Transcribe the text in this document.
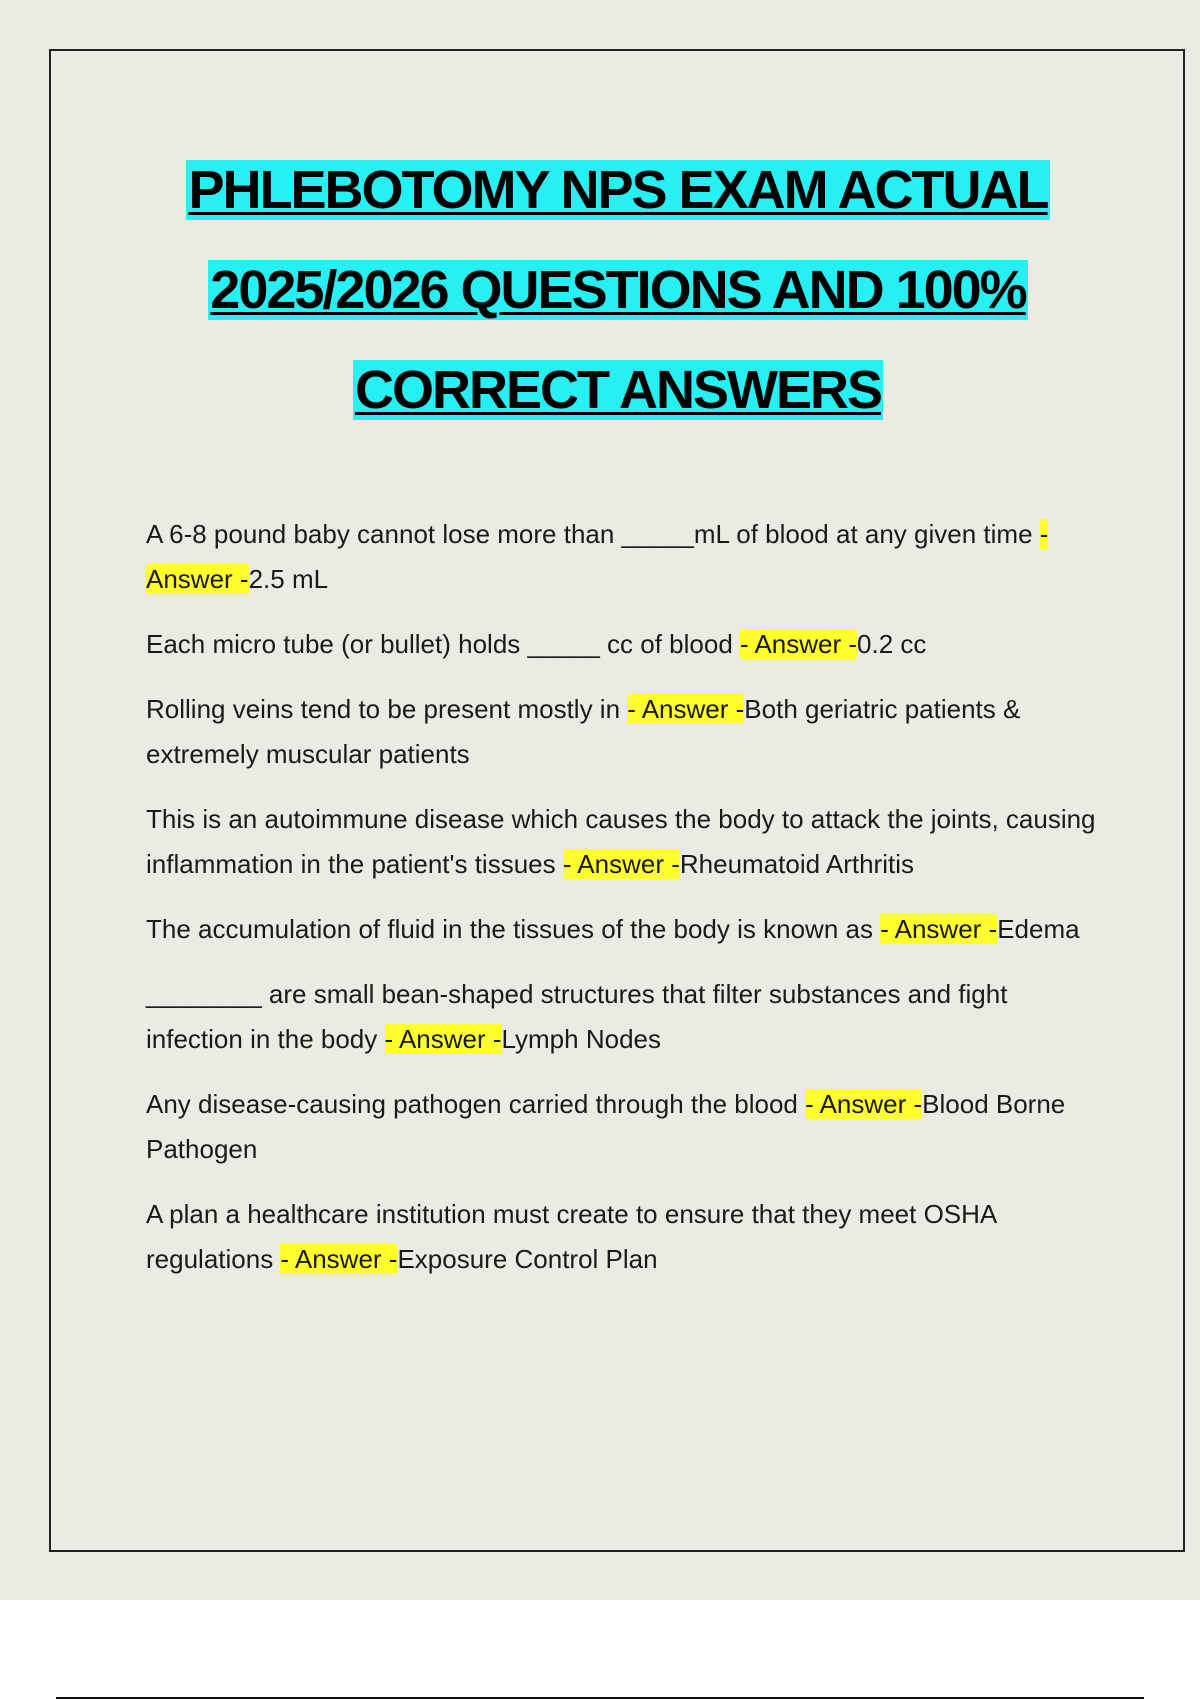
PHLEBOTOMY NPS EXAM ACTUAL
2025/2026 QUESTIONS AND 100%
CORRECT ANSWERS
A 6-8 pound baby cannot lose more than _____mL of blood at any given time - Answer -2.5 mL
Each micro tube (or bullet) holds _____ cc of blood - Answer -0.2 cc
Rolling veins tend to be present mostly in - Answer -Both geriatric patients & extremely muscular patients
This is an autoimmune disease which causes the body to attack the joints, causing inflammation in the patient's tissues - Answer -Rheumatoid Arthritis
The accumulation of fluid in the tissues of the body is known as - Answer -Edema
________ are small bean-shaped structures that filter substances and fight infection in the body - Answer -Lymph Nodes
Any disease-causing pathogen carried through the blood - Answer -Blood Borne Pathogen
A plan a healthcare institution must create to ensure that they meet OSHA regulations - Answer -Exposure Control Plan
